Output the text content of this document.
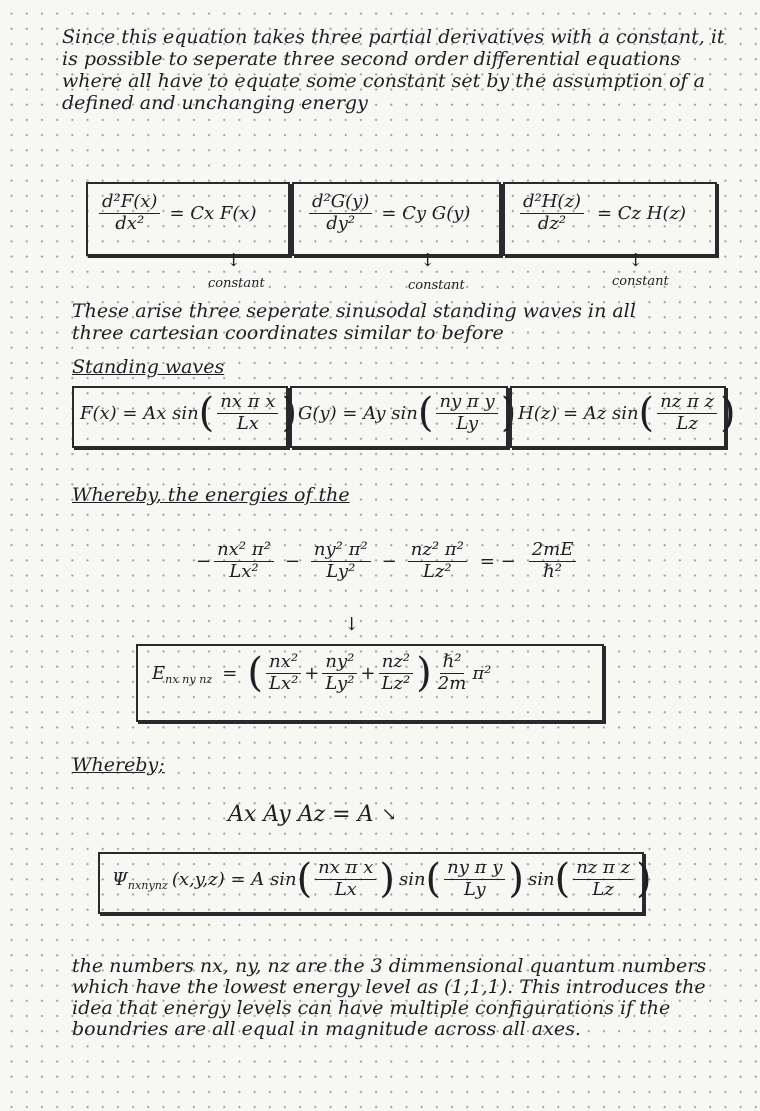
Since this equation takes three partial derivatives with a constant, it is possible to seperate three second order differential equations where all have to equate some constant set by the assumption of a defined and unchanging energy
$\frac{\text{d²F(x)}}{\text{dx²}} = Cx$ F(x)	$\frac{\text{d²G(y)}}{\text{dy²}} = Cy$ G(y)	$\frac{\text{d²H(z)}}{\text{dz²}} = Cz$ H(z)
↓
constant
↓
constant
↓
constant
These arise three seperate sinusodal standing waves in all three cartesian coordinates similar to before
Standing waves
F(x) = Ax sin ( $\frac{\text{nx π x}}{Lx}$ ) G(y) = Ay sin ( $\frac{\text{ny π y}}{Ly}$ ) H(z) = Az sin ( $\frac{\text{nz π z}}{Lz}$ )
Whereby, the energies of the
− $\frac{\text{nx² π²}}{\text{Lx²}} - \frac{\text{ny² π²}}{\text{Ly²}} - \frac{\text{nz² π²}}{\text{Lz²}}$ = − $\frac{2mE}{\text{ℏ²}}$
↓
$E_{nx ny nz}$ = ( $\frac{\text{nx²}}{\text{Lx²}} + \frac{\text{ny²}}{\text{Ly²}} + \frac{\text{nz²}}{\text{Lz²}}$ ) $\frac{\text{ℏ²}}{2m} \pi^2$
Whereby;
Ax Ay Az = A ↘
$\Psi_{nxnynz}$ (x,y,z) = A sin ( $\frac{\text{nx π x}}{Lx}$ ) sin ( $\frac{\text{ny π y}}{Ly}$ ) sin ( $\frac{\text{nz π z}}{Lz}$ )
the numbers nx, ny, nz are the 3 dimmensional quantum numbers which have the lowest energy level as (1,1,1). This introduces the idea that energy levels can have multiple configurations if the boundries are all equal in magnitude across all axes.
